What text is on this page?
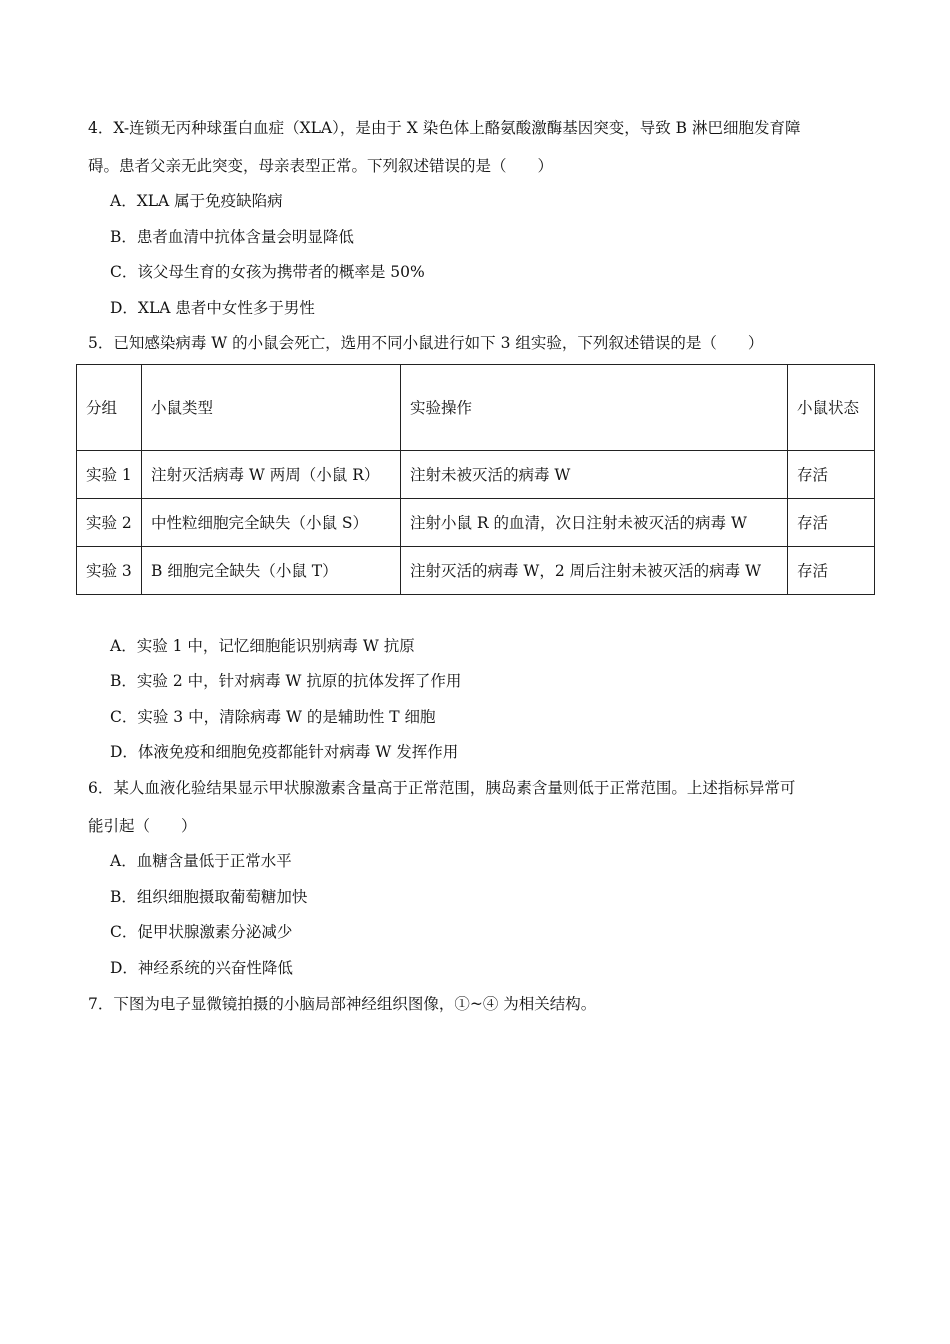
4．X-连锁无丙种球蛋白血症（XLA），是由于 X 染色体上酪氨酸激酶基因突变，导致 B 淋巴细胞发育障
碍。患者父亲无此突变，母亲表型正常。下列叙述错误的是（　　）
A．XLA 属于免疫缺陷病
B．患者血清中抗体含量会明显降低
C．该父母生育的女孩为携带者的概率是 50%
D．XLA 患者中女性多于男性
5．已知感染病毒 W 的小鼠会死亡，选用不同小鼠进行如下 3 组实验，下列叙述错误的是（　　）
分组	小鼠类型	实验操作	小鼠状态
实验 1	注射灭活病毒 W 两周（小鼠 R）	注射未被灭活的病毒 W	存活
实验 2	中性粒细胞完全缺失（小鼠 S）	注射小鼠 R 的血清，次日注射未被灭活的病毒 W	存活
实验 3	B 细胞完全缺失（小鼠 T）	注射灭活的病毒 W，2 周后注射未被灭活的病毒 W	存活
A．实验 1 中，记忆细胞能识别病毒 W 抗原
B．实验 2 中，针对病毒 W 抗原的抗体发挥了作用
C．实验 3 中，清除病毒 W 的是辅助性 T 细胞
D．体液免疫和细胞免疫都能针对病毒 W 发挥作用
6．某人血液化验结果显示甲状腺激素含量高于正常范围，胰岛素含量则低于正常范围。上述指标异常可
能引起（　　）
A．血糖含量低于正常水平
B．组织细胞摄取葡萄糖加快
C．促甲状腺激素分泌减少
D．神经系统的兴奋性降低
7．下图为电子显微镜拍摄的小脑局部神经组织图像，①~④ 为相关结构。
